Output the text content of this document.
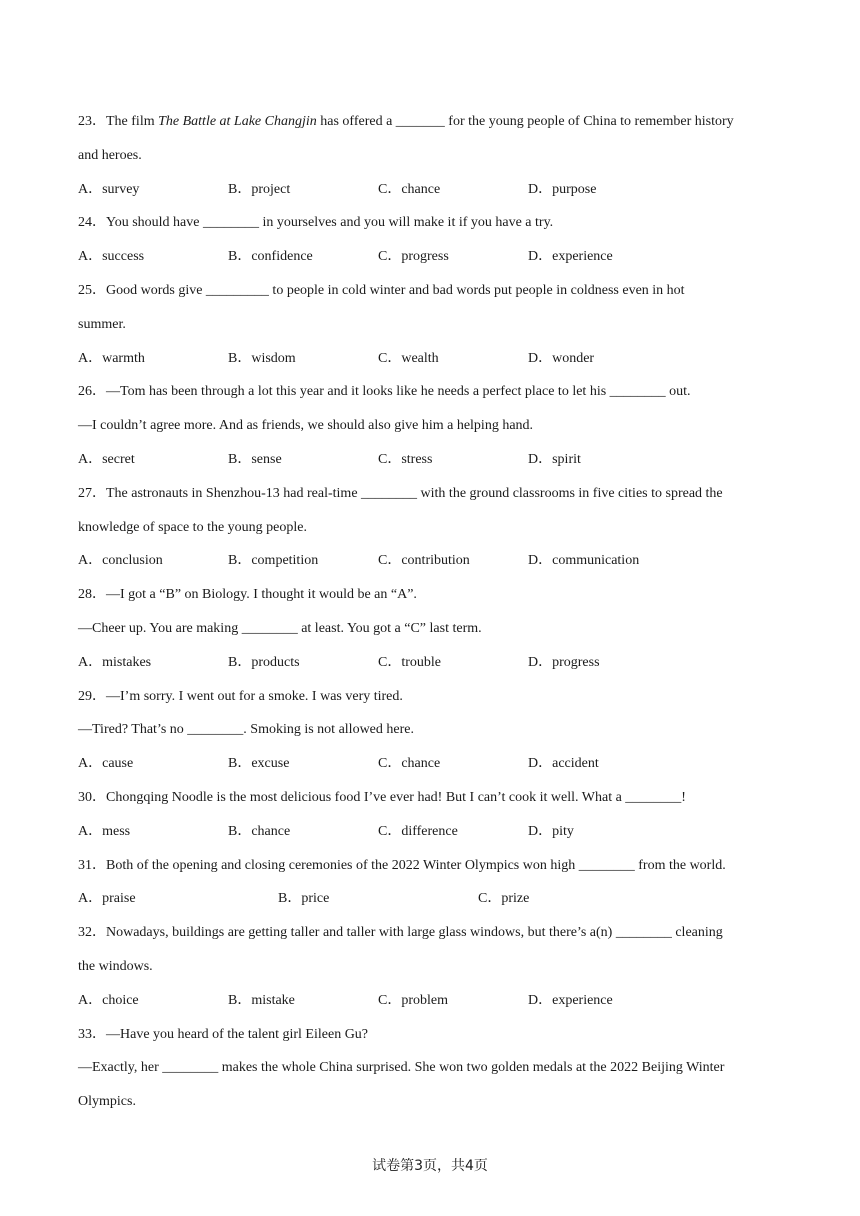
23．The film The Battle at Lake Changjin has offered a _______ for the young people of China to remember history
and heroes.
A．survey	B．project	C．chance	D．purpose
24．You should have ________ in yourselves and you will make it if you have a try.
A．success	B．confidence	C．progress	D．experience
25．Good words give _________ to people in cold winter and bad words put people in coldness even in hot
summer.
A．warmth	B．wisdom	C．wealth	D．wonder
26．—Tom has been through a lot this year and it looks like he needs a perfect place to let his ________ out.
—I couldn’t agree more. And as friends, we should also give him a helping hand.
A．secret	B．sense	C．stress	D．spirit
27．The astronauts in Shenzhou-13 had real-time ________ with the ground classrooms in five cities to spread the
knowledge of space to the young people.
A．conclusion	B．competition	C．contribution	D．communication
28．—I got a “B” on Biology. I thought it would be an “A”.
—Cheer up. You are making ________ at least. You got a “C” last term.
A．mistakes	B．products	C．trouble	D．progress
29．—I’m sorry. I went out for a smoke. I was very tired.
—Tired? That’s no ________. Smoking is not allowed here.
A．cause	B．excuse	C．chance	D．accident
30．Chongqing Noodle is the most delicious food I’ve ever had! But I can’t cook it well. What a ________!
A．mess	B．chance	C．difference	D．pity
31．Both of the opening and closing ceremonies of the 2022 Winter Olympics won high ________ from the world.
A．praise	B．price	C．prize
32．Nowadays, buildings are getting taller and taller with large glass windows, but there’s a(n) ________ cleaning
the windows.
A．choice	B．mistake	C．problem	D．experience
33．—Have you heard of the talent girl Eileen Gu?
—Exactly, her ________ makes the whole China surprised. She won two golden medals at the 2022 Beijing Winter
Olympics.
试卷第3页，共4页
